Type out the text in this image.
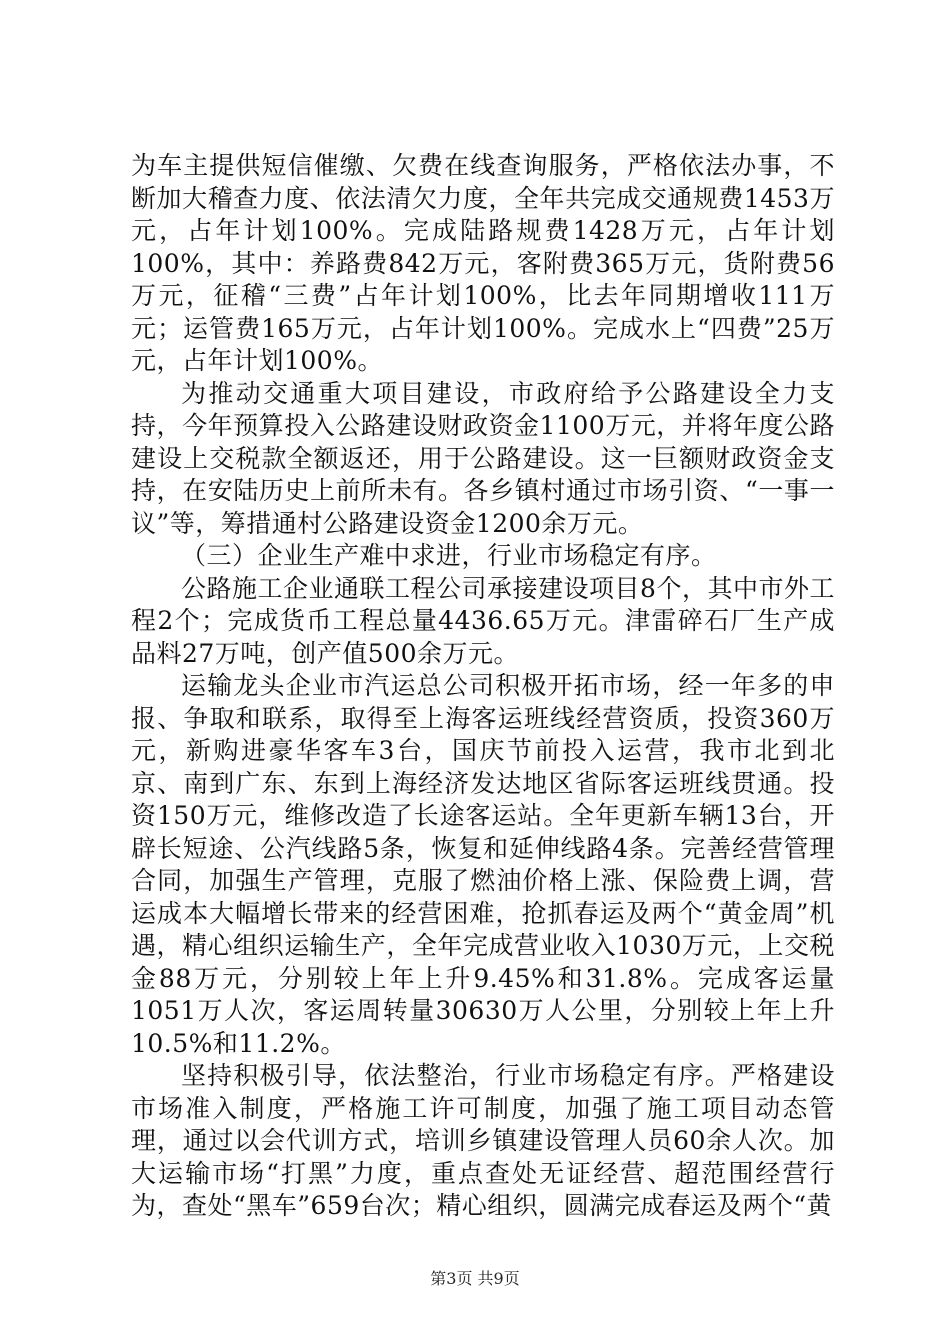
为车主提供短信催缴、欠费在线查询服务，严格依法办事，不断加大稽查力度、依法清欠力度，全年共完成交通规费1453万元，占年计划100%。完成陆路规费1428万元，占年计划100%，其中：养路费842万元，客附费365万元，货附费56万元，征稽“三费”占年计划100%，比去年同期增收111万元；运管费165万元，占年计划100%。完成水上“四费”25万元，占年计划100%。

为推动交通重大项目建设，市政府给予公路建设全力支持，今年预算投入公路建设财政资金1100万元，并将年度公路建设上交税款全额返还，用于公路建设。这一巨额财政资金支持，在安陆历史上前所未有。各乡镇村通过市场引资、“一事一议”等，筹措通村公路建设资金1200余万元。

（三）企业生产难中求进，行业市场稳定有序。

公路施工企业通联工程公司承接建设项目8个，其中市外工程2个；完成货币工程总量4436.65万元。津雷碎石厂生产成品料27万吨，创产值500余万元。

运输龙头企业市汽运总公司积极开拓市场，经一年多的申报、争取和联系，取得至上海客运班线经营资质，投资360万元，新购进豪华客车3台，国庆节前投入运营，我市北到北京、南到广东、东到上海经济发达地区省际客运班线贯通。投资150万元，维修改造了长途客运站。全年更新车辆13台，开辟长短途、公汽线路5条，恢复和延伸线路4条。完善经营管理合同，加强生产管理，克服了燃油价格上涨、保险费上调，营运成本大幅增长带来的经营困难，抢抓春运及两个“黄金周”机遇，精心组织运输生产，全年完成营业收入1030万元，上交税金88万元，分别较上年上升9.45%和31.8%。完成客运量1051万人次，客运周转量30630万人公里，分别较上年上升10.5%和11.2%。

坚持积极引导，依法整治，行业市场稳定有序。严格建设市场准入制度，严格施工许可制度，加强了施工项目动态管理，通过以会代训方式，培训乡镇建设管理人员60余人次。加大运输市场“打黑”力度，重点查处无证经营、超范围经营行为，查处“黑车”659台次；精心组织，圆满完成春运及两个“黄

第3页 共9页
